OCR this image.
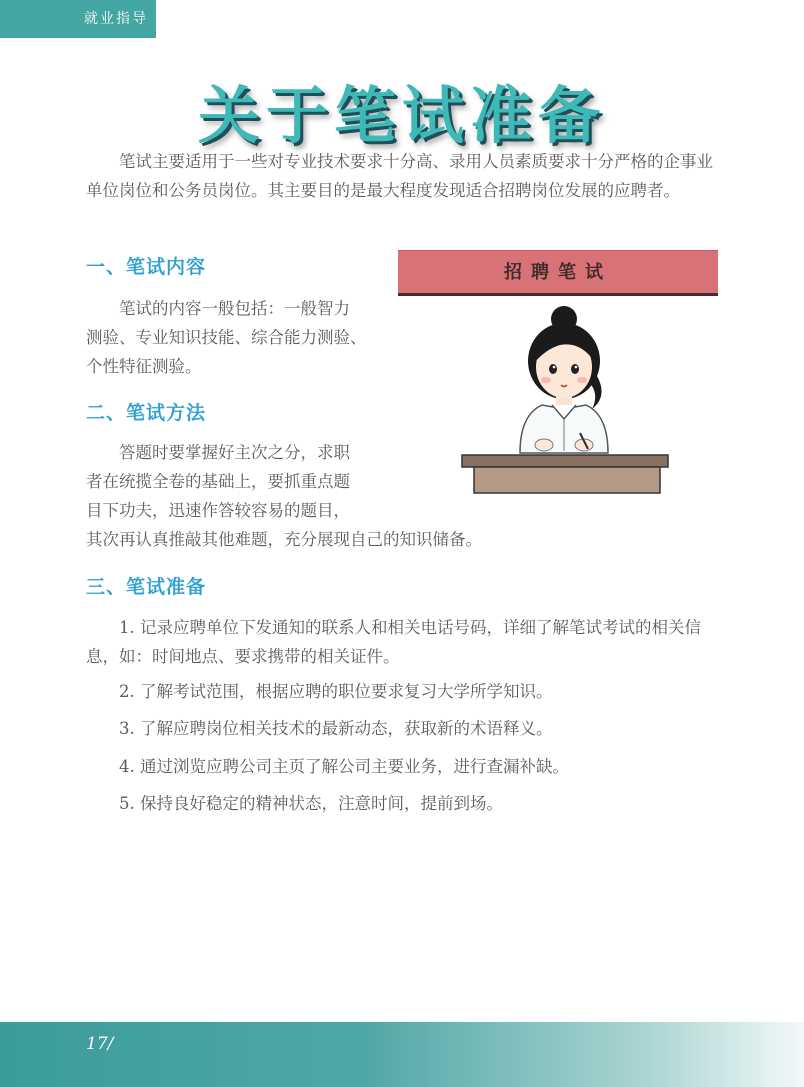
就业指导
关于笔试准备

笔试主要适用于一些对专业技术要求十分高、录用人员素质要求十分严格的企事业单位岗位和公务员岗位。其主要目的是最大程度发现适合招聘岗位发展的应聘者。

一、笔试内容
笔试的内容一般包括：一般智力
测验、专业知识技能、综合能力测验、
个性特征测验。
二、笔试方法
答题时要掌握好主次之分，求职
者在统揽全卷的基础上，要抓重点题
目下功夫，迅速作答较容易的题目，
其次再认真推敲其他难题，充分展现自己的知识储备。
三、笔试准备

1. 记录应聘单位下发通知的联系人和相关电话号码，详细了解笔试考试的相关信息，如：时间地点、要求携带的相关证件。

2. 了解考试范围，根据应聘的职位要求复习大学所学知识。

3. 了解应聘岗位相关技术的最新动态，获取新的术语释义。

4. 通过浏览应聘公司主页了解公司主要业务，进行查漏补缺。

5. 保持良好稳定的精神状态，注意时间，提前到场。

招聘笔试
17/
